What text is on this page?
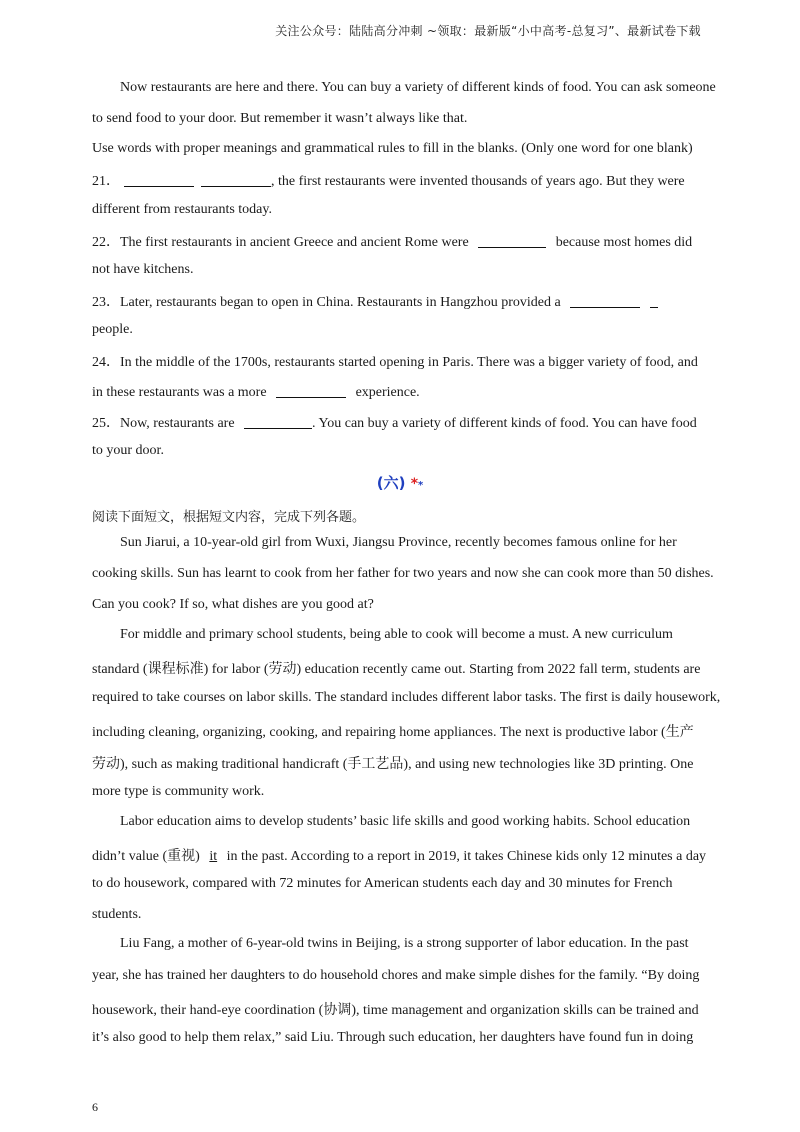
关注公众号：陆陆高分冲刺 ~领取：最新版“小中高考-总复习”、最新试卷下载
Now restaurants are here and there. You can buy a variety of different kinds of food. You can ask someone
to send food to your door. But remember it wasn’t always like that.
Use words with proper meanings and grammatical rules to fill in the blanks. (Only one word for one blank)
21．	, the first restaurants were invented thousands of years ago. But they were
different from restaurants today.
22．The first restaurants in ancient Greece and ancient Rome were	because most homes did
not have kitchens.
23．Later, restaurants began to open in China. Restaurants in Hangzhou provided a
people.
24．In the middle of the 1700s, restaurants started opening in Paris. There was a bigger variety of food, and
in these restaurants was a more	experience.
25．Now, restaurants are	. You can buy a variety of different kinds of food. You can have food
to your door.
(六) **
阅读下面短文，根据短文内容，完成下列各题。
Sun Jiarui, a 10-year-old girl from Wuxi, Jiangsu Province, recently becomes famous online for her
cooking skills. Sun has learnt to cook from her father for two years and now she can cook more than 50 dishes.
Can you cook? If so, what dishes are you good at?
For middle and primary school students, being able to cook will become a must. A new curriculum
standard (课程标准) for labor (劳动) education recently came out. Starting from 2022 fall term, students are
required to take courses on labor skills. The standard includes different labor tasks. The first is daily housework,
including cleaning, organizing, cooking, and repairing home appliances. The next is productive labor (生产
劳动), such as making traditional handicraft (手工艺品), and using new technologies like 3D printing. One
more type is community work.
Labor education aims to develop students’ basic life skills and good working habits. School education
didn’t value (重视) it in the past. According to a report in 2019, it takes Chinese kids only 12 minutes a day
to do housework, compared with 72 minutes for American students each day and 30 minutes for French
students.
Liu Fang, a mother of 6-year-old twins in Beijing, is a strong supporter of labor education. In the past
year, she has trained her daughters to do household chores and make simple dishes for the family. “By doing
housework, their hand-eye coordination (协调), time management and organization skills can be trained and
it’s also good to help them relax,” said Liu. Through such education, her daughters have found fun in doing
6
